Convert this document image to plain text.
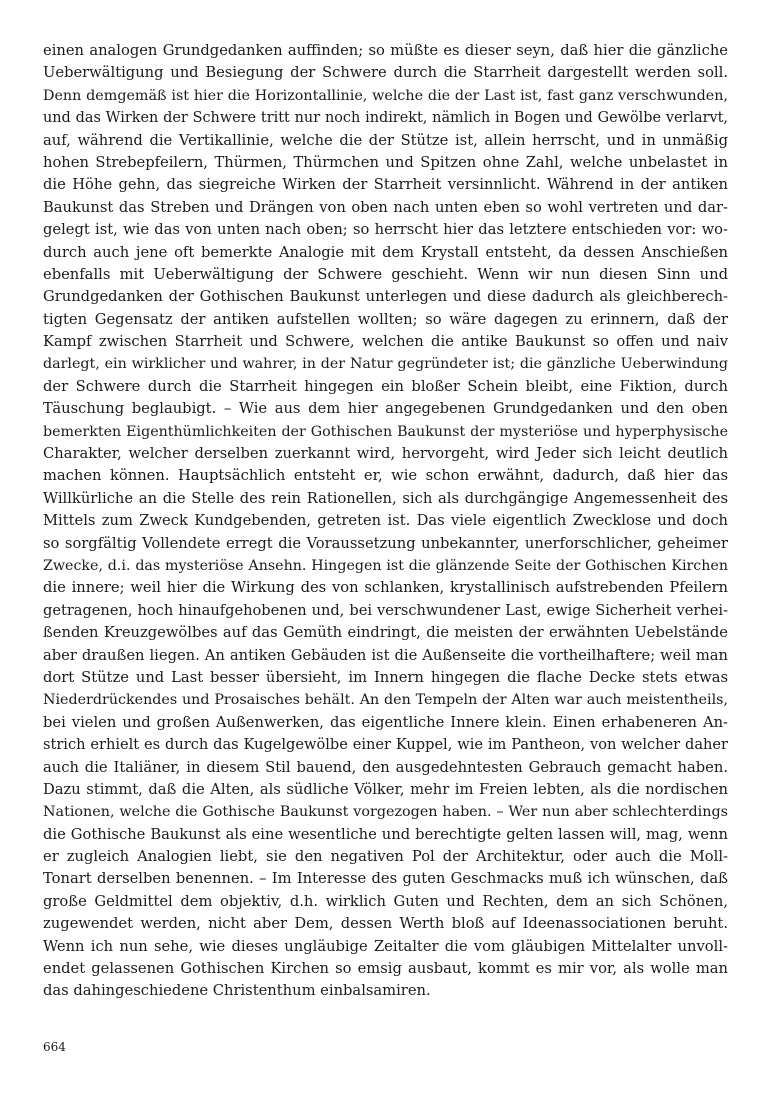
einen analogen Grundgedanken auffinden; so müßte es dieser seyn, daß hier die gänzliche
Ueberwältigung und Besiegung der Schwere durch die Starrheit dargestellt werden soll.
Denn demgemäß ist hier die Horizontallinie, welche die der Last ist, fast ganz verschwunden,
und das Wirken der Schwere tritt nur noch indirekt, nämlich in Bogen und Gewölbe verlarvt,
auf, während die Vertikallinie, welche die der Stütze ist, allein herrscht, und in unmäßig
hohen Strebepfeilern, Thürmen, Thürmchen und Spitzen ohne Zahl, welche unbelastet in
die Höhe gehn, das siegreiche Wirken der Starrheit versinnlicht. Während in der antiken
Baukunst das Streben und Drängen von oben nach unten eben so wohl vertreten und dar-
gelegt ist, wie das von unten nach oben; so herrscht hier das letztere entschieden vor: wo-
durch auch jene oft bemerkte Analogie mit dem Krystall entsteht, da dessen Anschießen
ebenfalls mit Ueberwältigung der Schwere geschieht. Wenn wir nun diesen Sinn und
Grundgedanken der Gothischen Baukunst unterlegen und diese dadurch als gleichberech-
tigten Gegensatz der antiken aufstellen wollten; so wäre dagegen zu erinnern, daß der
Kampf zwischen Starrheit und Schwere, welchen die antike Baukunst so offen und naiv
darlegt, ein wirklicher und wahrer, in der Natur gegründeter ist; die gänzliche Ueberwindung
der Schwere durch die Starrheit hingegen ein bloßer Schein bleibt, eine Fiktion, durch
Täuschung beglaubigt. – Wie aus dem hier angegebenen Grundgedanken und den oben
bemerkten Eigenthümlichkeiten der Gothischen Baukunst der mysteriöse und hyperphysische
Charakter, welcher derselben zuerkannt wird, hervorgeht, wird Jeder sich leicht deutlich
machen können. Hauptsächlich entsteht er, wie schon erwähnt, dadurch, daß hier das
Willkürliche an die Stelle des rein Rationellen, sich als durchgängige Angemessenheit des
Mittels zum Zweck Kundgebenden, getreten ist. Das viele eigentlich Zwecklose und doch
so sorgfältig Vollendete erregt die Voraussetzung unbekannter, unerforschlicher, geheimer
Zwecke, d.i. das mysteriöse Ansehn. Hingegen ist die glänzende Seite der Gothischen Kirchen
die innere; weil hier die Wirkung des von schlanken, krystallinisch aufstrebenden Pfeilern
getragenen, hoch hinaufgehobenen und, bei verschwundener Last, ewige Sicherheit verhei-
ßenden Kreuzgewölbes auf das Gemüth eindringt, die meisten der erwähnten Uebelstände
aber draußen liegen. An antiken Gebäuden ist die Außenseite die vortheilhaftere; weil man
dort Stütze und Last besser übersieht, im Innern hingegen die flache Decke stets etwas
Niederdrückendes und Prosaisches behält. An den Tempeln der Alten war auch meistentheils,
bei vielen und großen Außenwerken, das eigentliche Innere klein. Einen erhabeneren An-
strich erhielt es durch das Kugelgewölbe einer Kuppel, wie im Pantheon, von welcher daher
auch die Italiäner, in diesem Stil bauend, den ausgedehntesten Gebrauch gemacht haben.
Dazu stimmt, daß die Alten, als südliche Völker, mehr im Freien lebten, als die nordischen
Nationen, welche die Gothische Baukunst vorgezogen haben. – Wer nun aber schlechterdings
die Gothische Baukunst als eine wesentliche und berechtigte gelten lassen will, mag, wenn
er zugleich Analogien liebt, sie den negativen Pol der Architektur, oder auch die Moll-
Tonart derselben benennen. – Im Interesse des guten Geschmacks muß ich wünschen, daß
große Geldmittel dem objektiv, d.h. wirklich Guten und Rechten, dem an sich Schönen,
zugewendet werden, nicht aber Dem, dessen Werth bloß auf Ideenassociationen beruht.
Wenn ich nun sehe, wie dieses ungläubige Zeitalter die vom gläubigen Mittelalter unvoll-
endet gelassenen Gothischen Kirchen so emsig ausbaut, kommt es mir vor, als wolle man
das dahingeschiedene Christenthum einbalsamiren.
664
